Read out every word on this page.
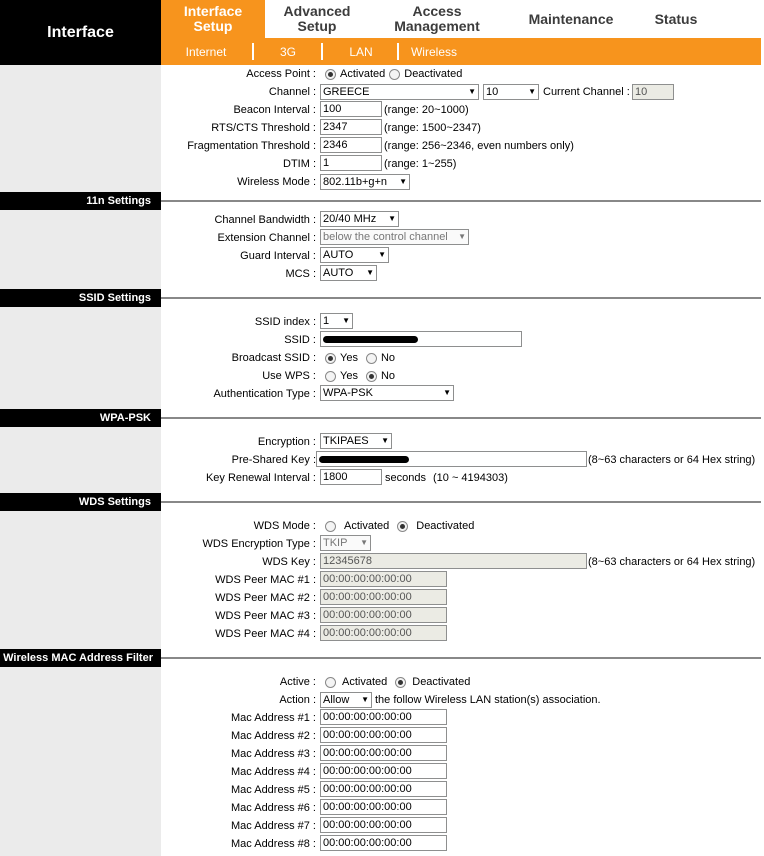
Interface
Interface
Setup
Advanced
Setup
Access
Management	Maintenance	Status
Internet	3G	LAN	Wireless
Access Point : Activated Deactivated
Channel : GREECE	▼ 10	▼ Current Channel : 10
Beacon Interval : 100	(range: 20~1000)
RTS/CTS Threshold : 2347	(range: 1500~2347)
Fragmentation Threshold : 2346	(range: 256~2346, even numbers only)
DTIM : 1	(range: 1~255)
Wireless Mode : 802.11b+g+n ▼
11n Settings
Channel Bandwidth : 20/40 MHz ▼
Extension Channel : below the control channel ▼
Guard Interval : AUTO	▼
MCS : AUTO ▼
SSID Settings
SSID index : 1 ▼
SSID :
Broadcast SSID : Yes No
Use WPS : Yes No
Authentication Type : WPA-PSK	▼
WPA-PSK
Encryption : TKIPAES ▼
Pre-Shared Key :	(8~63 characters or 64 Hex string)
Key Renewal Interval : 1800	seconds (10 ~ 4194303)
WDS Settings
WDS Mode :	Activated Deactivated
WDS Encryption Type : TKIP ▼
WDS Key : 12345678	(8~63 characters or 64 Hex string)
WDS Peer MAC #1 : 00:00:00:00:00:00
WDS Peer MAC #2 : 00:00:00:00:00:00
WDS Peer MAC #3 : 00:00:00:00:00:00
WDS Peer MAC #4 : 00:00:00:00:00:00
Wireless MAC Address Filter
Active : Activated Deactivated
Action : Allow ▼ the follow Wireless LAN station(s) association.
Mac Address #1 : 00:00:00:00:00:00
Mac Address #2 : 00:00:00:00:00:00
Mac Address #3 : 00:00:00:00:00:00
Mac Address #4 : 00:00:00:00:00:00
Mac Address #5 : 00:00:00:00:00:00
Mac Address #6 : 00:00:00:00:00:00
Mac Address #7 : 00:00:00:00:00:00
Mac Address #8 : 00:00:00:00:00:00
